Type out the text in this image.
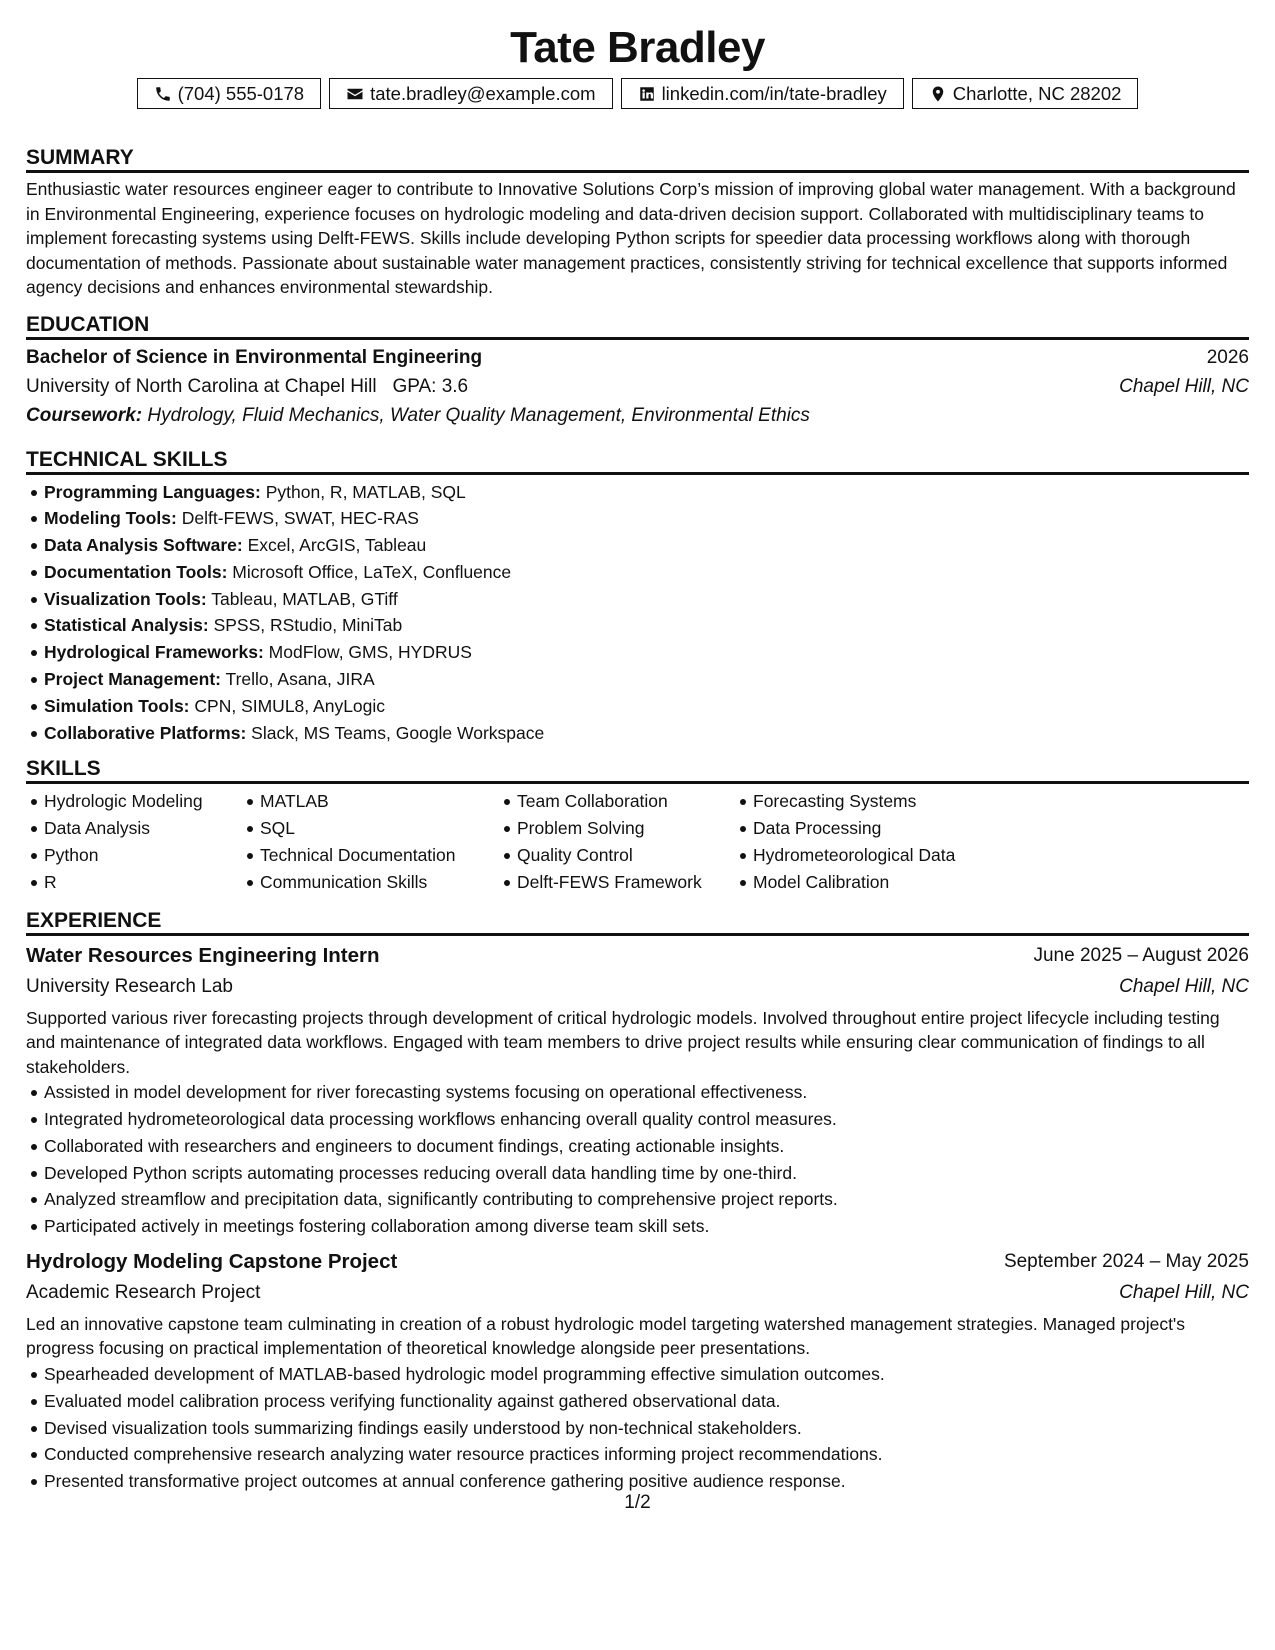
Tate Bradley
(704) 555-0178	tate.bradley@example.com	linkedin.com/in/tate-bradley	Charlotte, NC 28202
SUMMARY
Enthusiastic water resources engineer eager to contribute to Innovative Solutions Corp’s mission of improving global water management. With a background in Environmental Engineering, experience focuses on hydrologic modeling and data-driven decision support. Collaborated with multidisciplinary teams to implement forecasting systems using Delft-FEWS. Skills include developing Python scripts for speedier data processing workflows along with thorough documentation of methods. Passionate about sustainable water management practices, consistently striving for technical excellence that supports informed agency decisions and enhances environmental stewardship.
EDUCATION
Bachelor of Science in Environmental Engineering	2026
University of North Carolina at Chapel Hill GPA: 3.6	Chapel Hill, NC
Coursework: Hydrology, Fluid Mechanics, Water Quality Management, Environmental Ethics
TECHNICAL SKILLS
Programming Languages: Python, R, MATLAB, SQL
Modeling Tools: Delft-FEWS, SWAT, HEC-RAS
Data Analysis Software: Excel, ArcGIS, Tableau
Documentation Tools: Microsoft Office, LaTeX, Confluence
Visualization Tools: Tableau, MATLAB, GTiff
Statistical Analysis: SPSS, RStudio, MiniTab
Hydrological Frameworks: ModFlow, GMS, HYDRUS
Project Management: Trello, Asana, JIRA
Simulation Tools: CPN, SIMUL8, AnyLogic
Collaborative Platforms: Slack, MS Teams, Google Workspace
SKILLS
Hydrologic Modeling
Data Analysis
Python
R
MATLAB
SQL
Technical Documentation
Communication Skills
Team Collaboration
Problem Solving
Quality Control
Delft-FEWS Framework
Forecasting Systems
Data Processing
Hydrometeorological Data
Model Calibration
EXPERIENCE
Water Resources Engineering Intern	June 2025 – August 2026
University Research Lab	Chapel Hill, NC
Supported various river forecasting projects through development of critical hydrologic models. Involved throughout entire project lifecycle including testing and maintenance of integrated data workflows. Engaged with team members to drive project results while ensuring clear communication of findings to all stakeholders.
Assisted in model development for river forecasting systems focusing on operational effectiveness.
Integrated hydrometeorological data processing workflows enhancing overall quality control measures.
Collaborated with researchers and engineers to document findings, creating actionable insights.
Developed Python scripts automating processes reducing overall data handling time by one-third.
Analyzed streamflow and precipitation data, significantly contributing to comprehensive project reports.
Participated actively in meetings fostering collaboration among diverse team skill sets.
Hydrology Modeling Capstone Project	September 2024 – May 2025
Academic Research Project	Chapel Hill, NC
Led an innovative capstone team culminating in creation of a robust hydrologic model targeting watershed management strategies. Managed project's progress focusing on practical implementation of theoretical knowledge alongside peer presentations.
Spearheaded development of MATLAB-based hydrologic model programming effective simulation outcomes.
Evaluated model calibration process verifying functionality against gathered observational data.
Devised visualization tools summarizing findings easily understood by non-technical stakeholders.
Conducted comprehensive research analyzing water resource practices informing project recommendations.
Presented transformative project outcomes at annual conference gathering positive audience response.
1/2
